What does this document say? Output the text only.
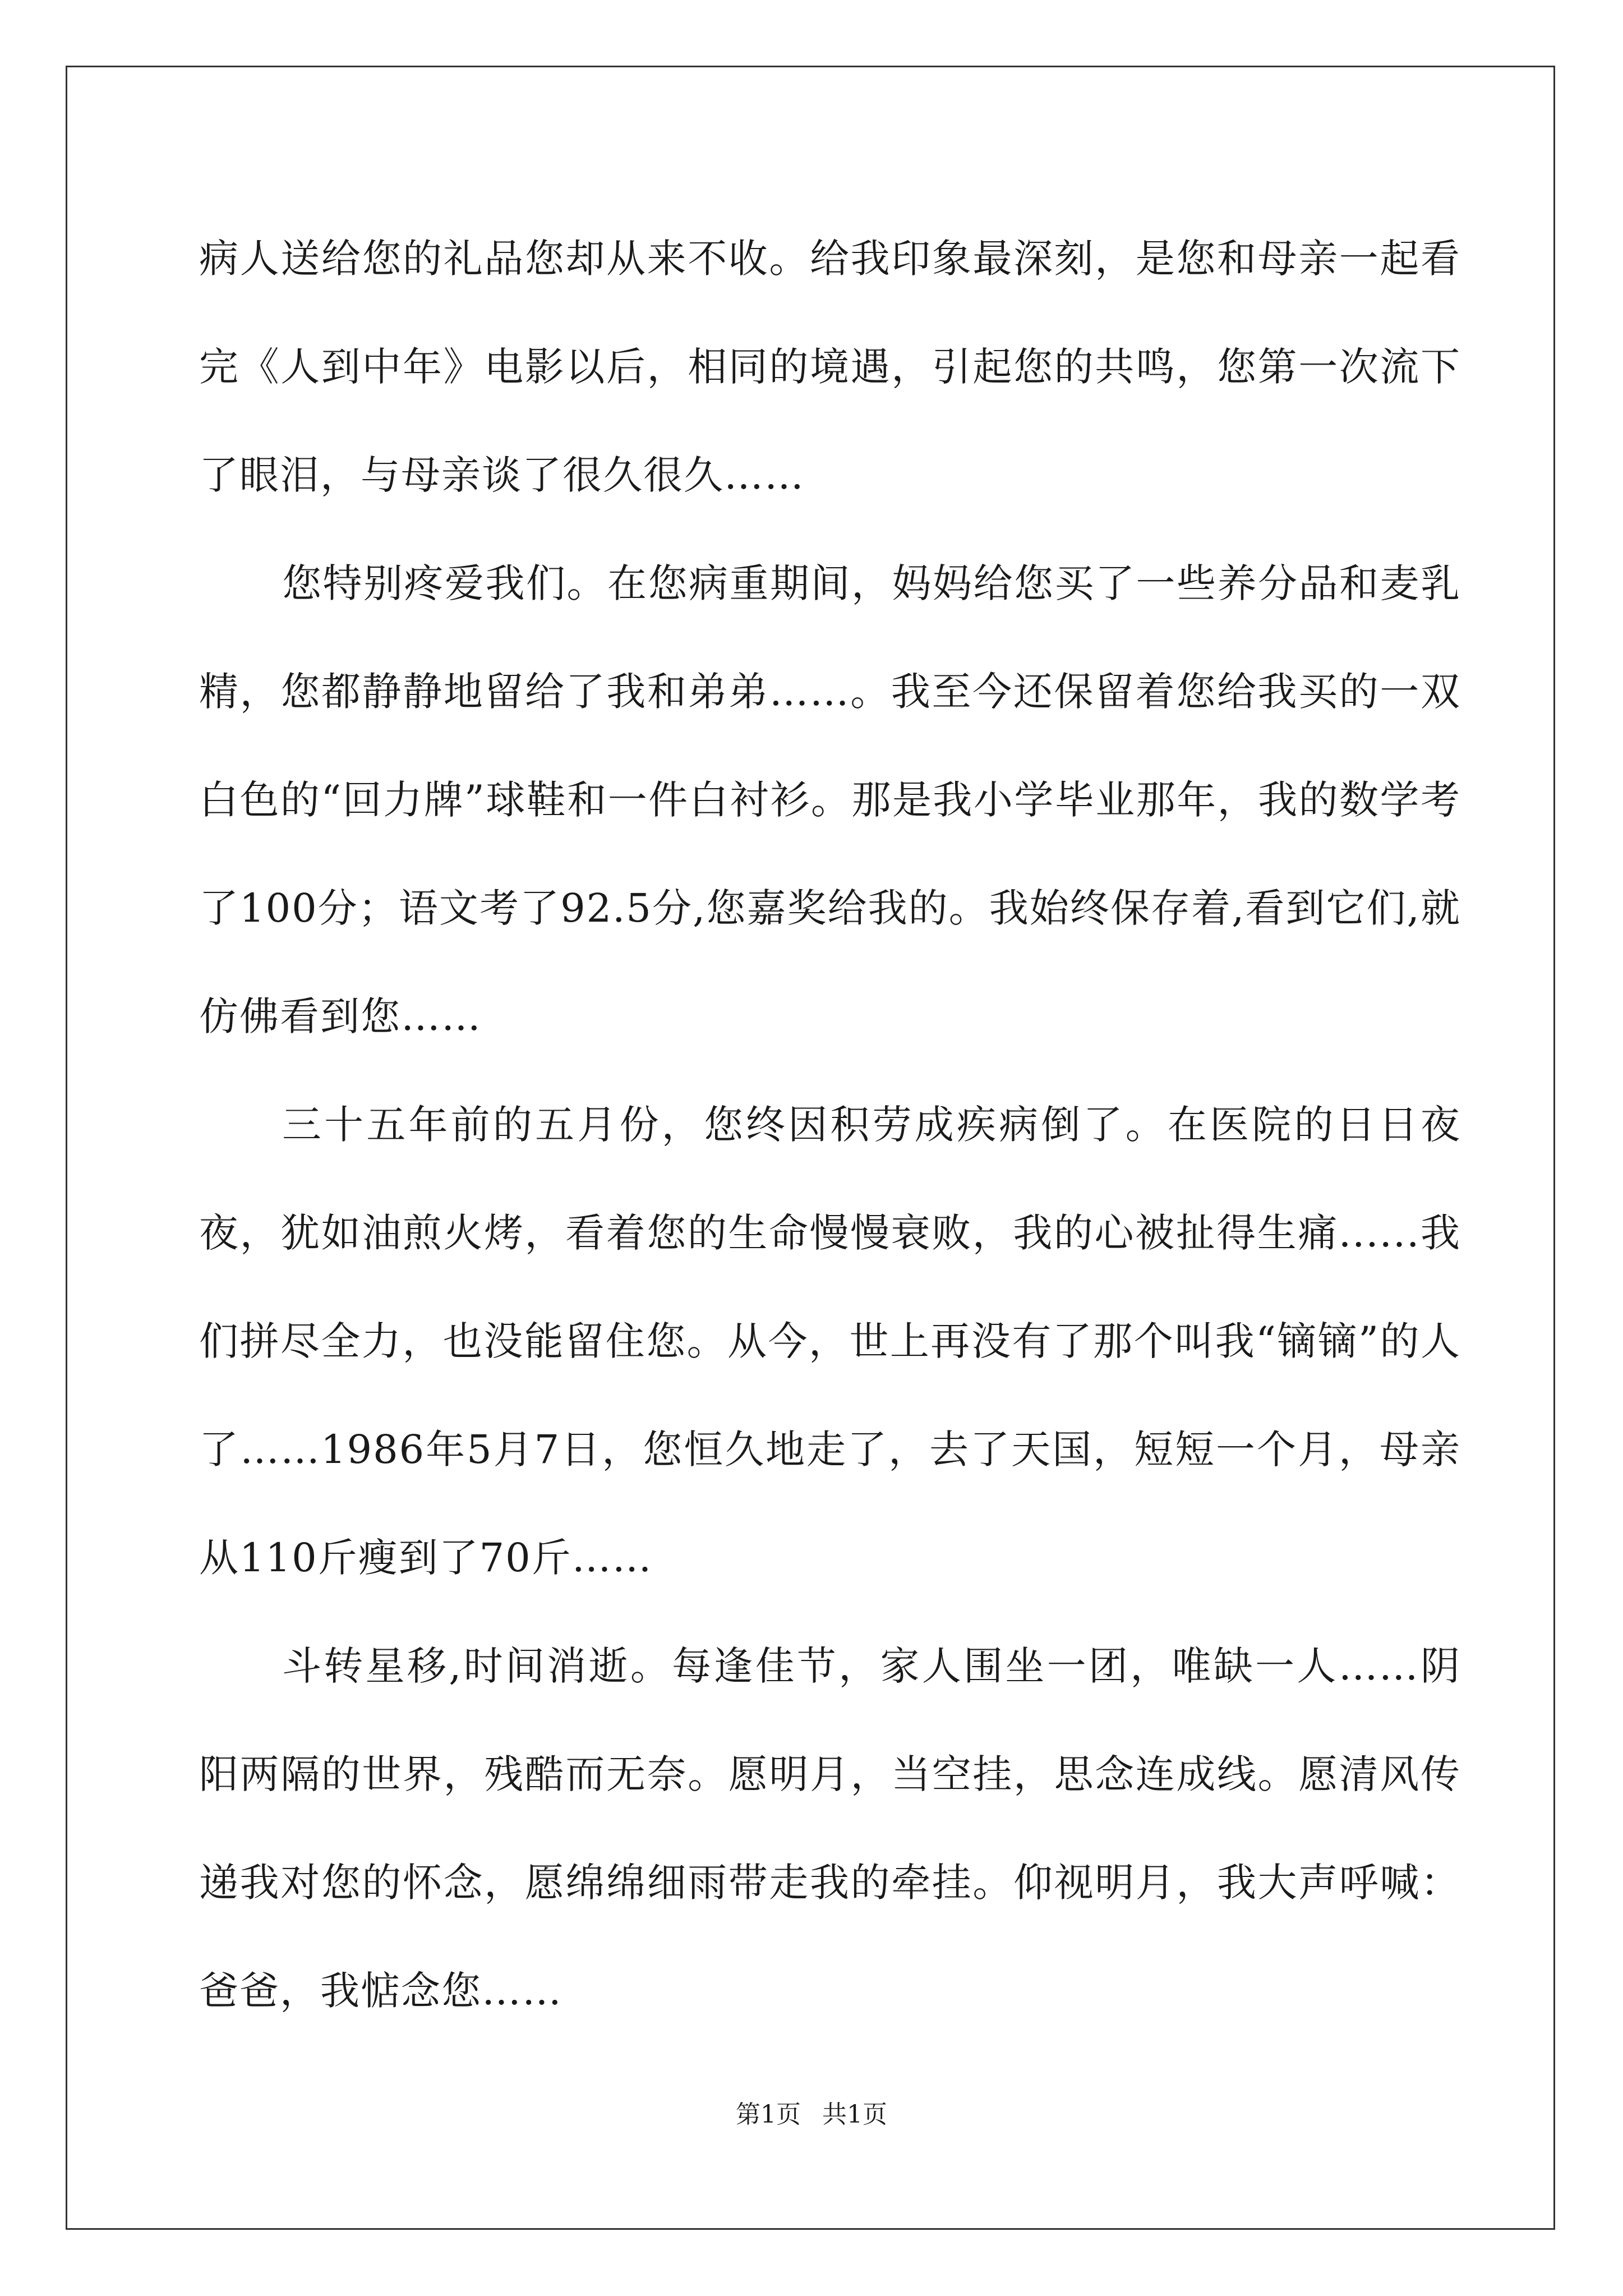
病人送给您的礼品您却从来不收。给我印象最深刻，是您和母亲一起看完《人到中年》电影以后，相同的境遇，引起您的共鸣，您第一次流下了眼泪，与母亲谈了很久很久……

您特别疼爱我们。在您病重期间，妈妈给您买了一些养分品和麦乳精，您都静静地留给了我和弟弟……。我至今还保留着您给我买的一双白色的“回力牌”球鞋和一件白衬衫。那是我小学毕业那年，我的数学考了100分；语文考了92.5分,您嘉奖给我的。我始终保存着,看到它们,就仿佛看到您……

三十五年前的五月份，您终因积劳成疾病倒了。在医院的日日夜夜，犹如油煎火烤，看着您的生命慢慢衰败，我的心被扯得生痛......我们拼尽全力，也没能留住您。从今，世上再没有了那个叫我“镝镝”的人了……1986年5月7日，您恒久地走了，去了天国，短短一个月，母亲从110斤瘦到了70斤……

斗转星移,时间消逝。每逢佳节，家人围坐一团，唯缺一人……阴阳两隔的世界，残酷而无奈。愿明月，当空挂，思念连成线。愿清风传递我对您的怀念，愿绵绵细雨带走我的牵挂。仰视明月，我大声呼喊：爸爸，我惦念您……

第1页 共1页
